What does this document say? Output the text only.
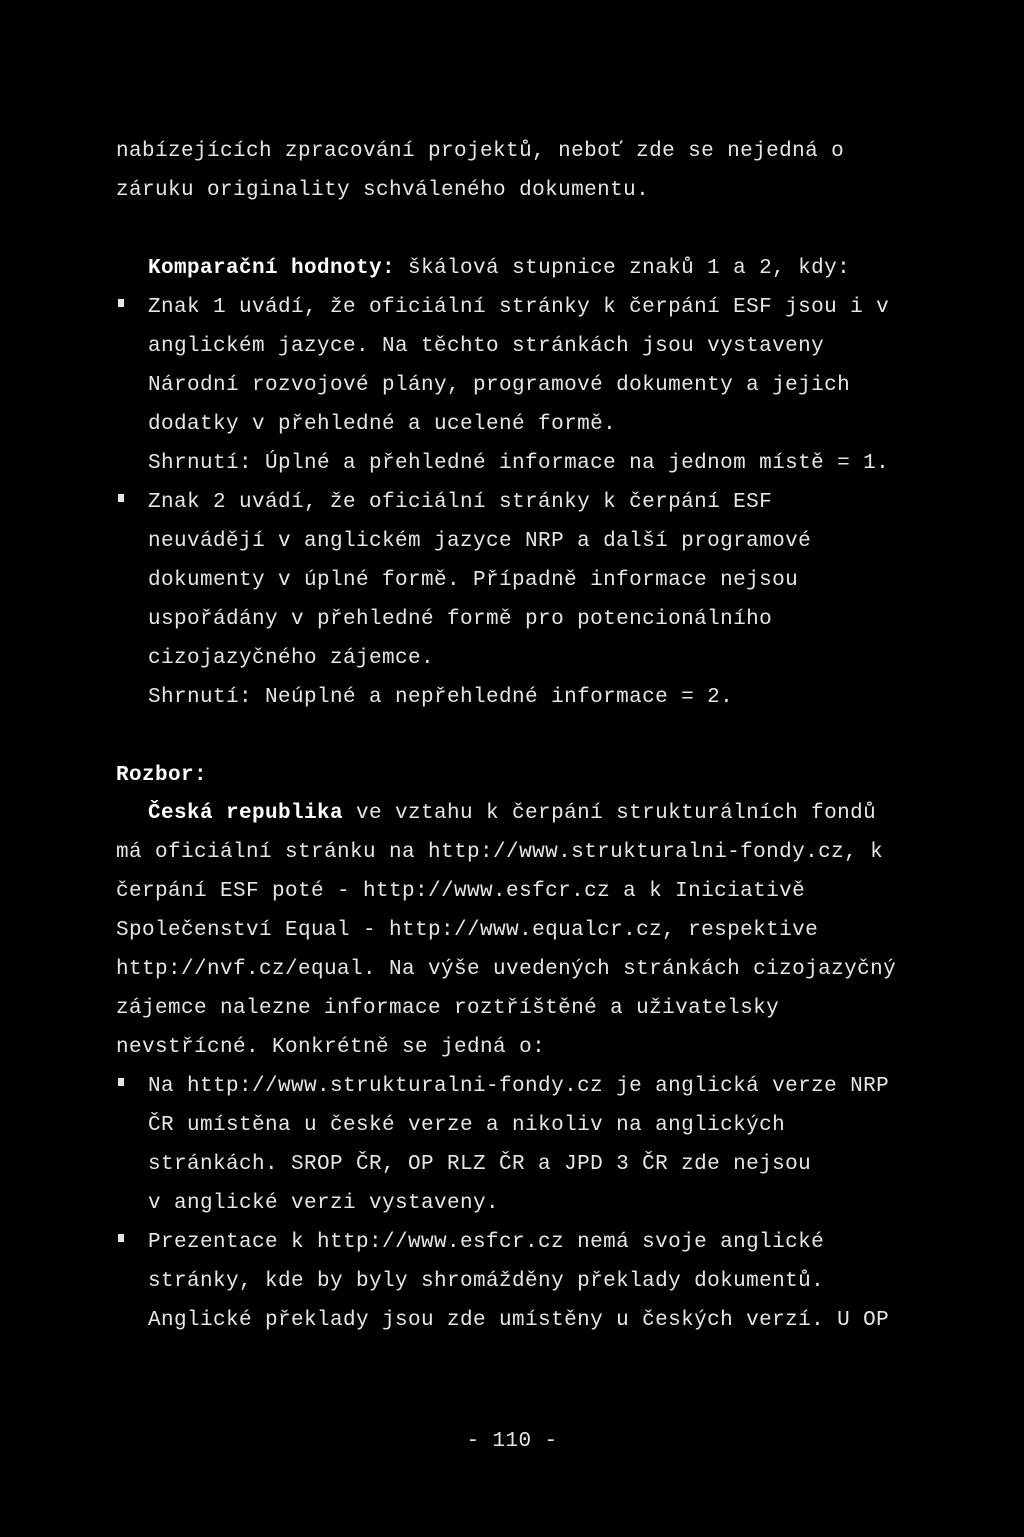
nabízejících zpracování projektů, neboť zde se nejedná o
záruku originality schváleného dokumentu.
Komparační hodnoty: škálová stupnice znaků 1 a 2, kdy:
Znak 1 uvádí, že oficiální stránky k čerpání ESF jsou i v
anglickém jazyce. Na těchto stránkách jsou vystaveny
Národní rozvojové plány, programové dokumenty a jejich
dodatky v přehledné a ucelené formě.
Shrnutí: Úplné a přehledné informace na jednom místě = 1.
Znak 2 uvádí, že oficiální stránky k čerpání ESF
neuvádějí v anglickém jazyce NRP a další programové
dokumenty v úplné formě. Případně informace nejsou
uspořádány v přehledné formě pro potencionálního
cizojazyčného zájemce.
Shrnutí: Neúplné a nepřehledné informace = 2.
Rozbor:
Česká republika ve vztahu k čerpání strukturálních fondů
má oficiální stránku na http://www.strukturalni-fondy.cz, k
čerpání ESF poté - http://www.esfcr.cz a k Iniciativě
Společenství Equal - http://www.equalcr.cz, respektive
http://nvf.cz/equal. Na výše uvedených stránkách cizojazyčný
zájemce nalezne informace roztříštěné a uživatelsky
nevstřícné. Konkrétně se jedná o:
Na http://www.strukturalni-fondy.cz je anglická verze NRP
ČR umístěna u české verze a nikoliv na anglických
stránkách. SROP ČR, OP RLZ ČR a JPD 3 ČR zde nejsou
v anglické verzi vystaveny.
Prezentace k http://www.esfcr.cz nemá svoje anglické
stránky, kde by byly shromážděny překlady dokumentů.
Anglické překlady jsou zde umístěny u českých verzí. U OP
- 110 -
